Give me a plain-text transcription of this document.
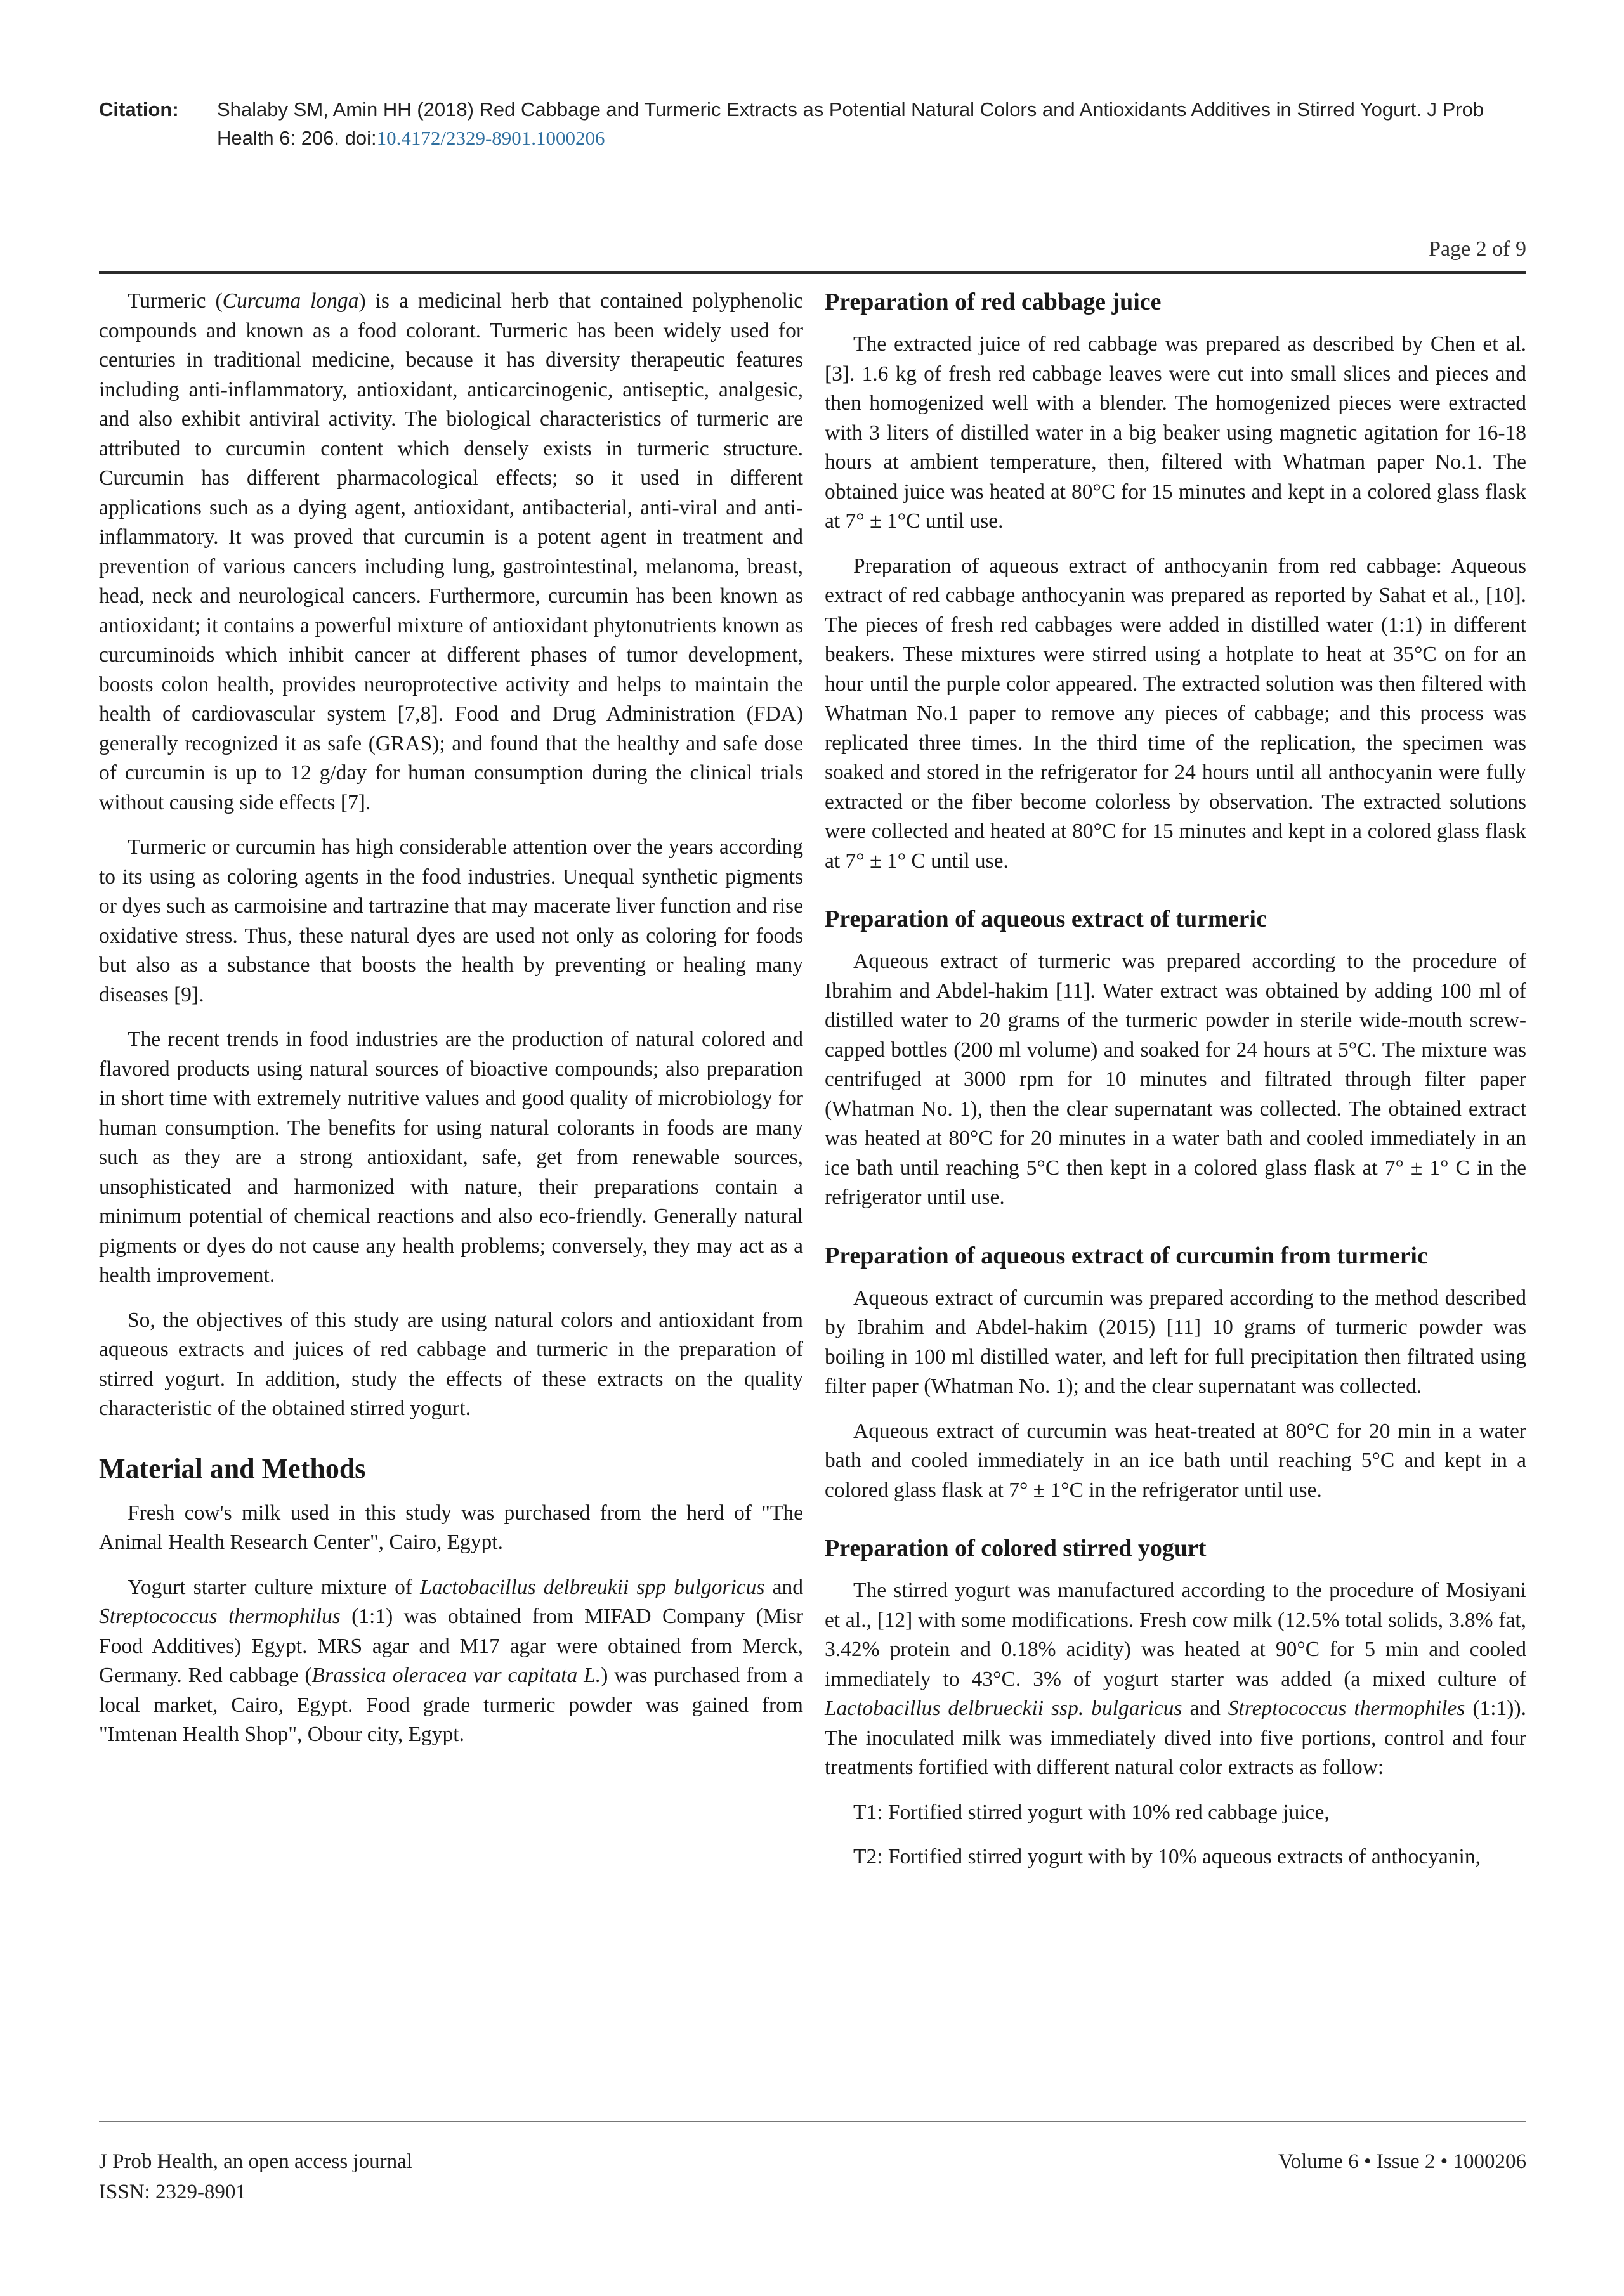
Citation: Shalaby SM, Amin HH (2018) Red Cabbage and Turmeric Extracts as Potential Natural Colors and Antioxidants Additives in Stirred Yogurt. J Prob Health 6: 206. doi:10.4172/2329-8901.1000206
Page 2 of 9

Turmeric (Curcuma longa) is a medicinal herb that contained polyphenolic compounds and known as a food colorant. Turmeric has been widely used for centuries in traditional medicine, because it has diversity therapeutic features including anti-inflammatory, antioxidant, anticarcinogenic, antiseptic, analgesic, and also exhibit antiviral activity. The biological characteristics of turmeric are attributed to curcumin content which densely exists in turmeric structure. Curcumin has different pharmacological effects; so it used in different applications such as a dying agent, antioxidant, antibacterial, anti-viral and anti-inflammatory. It was proved that curcumin is a potent agent in treatment and prevention of various cancers including lung, gastrointestinal, melanoma, breast, head, neck and neurological cancers. Furthermore, curcumin has been known as antioxidant; it contains a powerful mixture of antioxidant phytonutrients known as curcuminoids which inhibit cancer at different phases of tumor development, boosts colon health, provides neuroprotective activity and helps to maintain the health of cardiovascular system [7,8]. Food and Drug Administration (FDA) generally recognized it as safe (GRAS); and found that the healthy and safe dose of curcumin is up to 12 g/day for human consumption during the clinical trials without causing side effects [7].

Turmeric or curcumin has high considerable attention over the years according to its using as coloring agents in the food industries. Unequal synthetic pigments or dyes such as carmoisine and tartrazine that may macerate liver function and rise oxidative stress. Thus, these natural dyes are used not only as coloring for foods but also as a substance that boosts the health by preventing or healing many diseases [9].

The recent trends in food industries are the production of natural colored and flavored products using natural sources of bioactive compounds; also preparation in short time with extremely nutritive values and good quality of microbiology for human consumption. The benefits for using natural colorants in foods are many such as they are a strong antioxidant, safe, get from renewable sources, unsophisticated and harmonized with nature, their preparations contain a minimum potential of chemical reactions and also eco-friendly. Generally natural pigments or dyes do not cause any health problems; conversely, they may act as a health improvement.

So, the objectives of this study are using natural colors and antioxidant from aqueous extracts and juices of red cabbage and turmeric in the preparation of stirred yogurt. In addition, study the effects of these extracts on the quality characteristic of the obtained stirred yogurt.

Material and Methods

Fresh cow's milk used in this study was purchased from the herd of "The Animal Health Research Center", Cairo, Egypt.

Yogurt starter culture mixture of Lactobacillus delbreukii spp bulgoricus and Streptococcus thermophilus (1:1) was obtained from MIFAD Company (Misr Food Additives) Egypt. MRS agar and M17 agar were obtained from Merck, Germany. Red cabbage (Brassica oleracea var capitata L.) was purchased from a local market, Cairo, Egypt. Food grade turmeric powder was gained from "Imtenan Health Shop", Obour city, Egypt.

Preparation of red cabbage juice

The extracted juice of red cabbage was prepared as described by Chen et al. [3]. 1.6 kg of fresh red cabbage leaves were cut into small slices and pieces and then homogenized well with a blender. The homogenized pieces were extracted with 3 liters of distilled water in a big beaker using magnetic agitation for 16-18 hours at ambient temperature, then, filtered with Whatman paper No.1. The obtained juice was heated at 80°C for 15 minutes and kept in a colored glass flask at 7° ± 1°C until use.

Preparation of aqueous extract of anthocyanin from red cabbage: Aqueous extract of red cabbage anthocyanin was prepared as reported by Sahat et al., [10]. The pieces of fresh red cabbages were added in distilled water (1:1) in different beakers. These mixtures were stirred using a hotplate to heat at 35°C on for an hour until the purple color appeared. The extracted solution was then filtered with Whatman No.1 paper to remove any pieces of cabbage; and this process was replicated three times. In the third time of the replication, the specimen was soaked and stored in the refrigerator for 24 hours until all anthocyanin were fully extracted or the fiber become colorless by observation. The extracted solutions were collected and heated at 80°C for 15 minutes and kept in a colored glass flask at 7° ± 1° C until use.

Preparation of aqueous extract of turmeric

Aqueous extract of turmeric was prepared according to the procedure of Ibrahim and Abdel-hakim [11]. Water extract was obtained by adding 100 ml of distilled water to 20 grams of the turmeric powder in sterile wide-mouth screw-capped bottles (200 ml volume) and soaked for 24 hours at 5°C. The mixture was centrifuged at 3000 rpm for 10 minutes and filtrated through filter paper (Whatman No. 1), then the clear supernatant was collected. The obtained extract was heated at 80°C for 20 minutes in a water bath and cooled immediately in an ice bath until reaching 5°C then kept in a colored glass flask at 7° ± 1° C in the refrigerator until use.

Preparation of aqueous extract of curcumin from turmeric

Aqueous extract of curcumin was prepared according to the method described by Ibrahim and Abdel-hakim (2015) [11] 10 grams of turmeric powder was boiling in 100 ml distilled water, and left for full precipitation then filtrated using filter paper (Whatman No. 1); and the clear supernatant was collected.

Aqueous extract of curcumin was heat-treated at 80°C for 20 min in a water bath and cooled immediately in an ice bath until reaching 5°C and kept in a colored glass flask at 7° ± 1°C in the refrigerator until use.

Preparation of colored stirred yogurt

The stirred yogurt was manufactured according to the procedure of Mosiyani et al., [12] with some modifications. Fresh cow milk (12.5% total solids, 3.8% fat, 3.42% protein and 0.18% acidity) was heated at 90°C for 5 min and cooled immediately to 43°C. 3% of yogurt starter was added (a mixed culture of Lactobacillus delbrueckii ssp. bulgaricus and Streptococcus thermophiles (1:1)). The inoculated milk was immediately dived into five portions, control and four treatments fortified with different natural color extracts as follow:

T1: Fortified stirred yogurt with 10% red cabbage juice,

T2: Fortified stirred yogurt with by 10% aqueous extracts of anthocyanin,

J Prob Health, an open access journal
ISSN: 2329-8901
Volume 6 • Issue 2 • 1000206
